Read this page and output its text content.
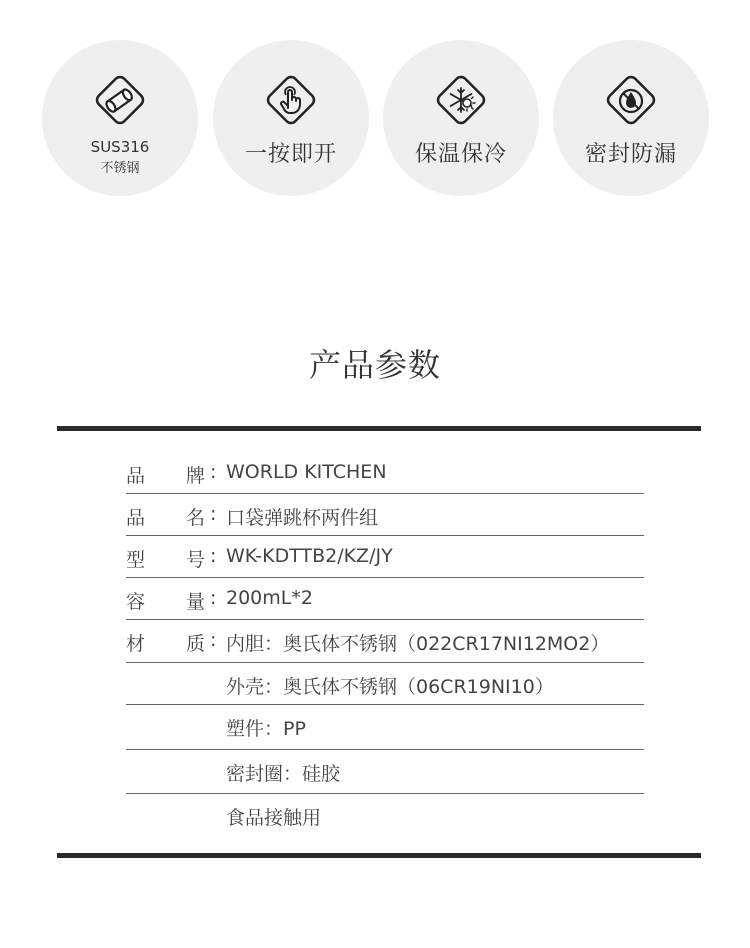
SUS316
不锈钢
一按即开	保温保冷	密封防漏
产品参数
品 牌 : WORLD KITCHEN
品 名 : 口袋弹跳杯两件组
型 号 : WK-KDTTB2/KZ/JY
容 量 : 200mL*2
材 质 : 内胆：奥氏体不锈钢（022CR17NI12MO2）
外壳：奥氏体不锈钢（06CR19NI10）
塑件：PP
密封圈：硅胶
食品接触用
